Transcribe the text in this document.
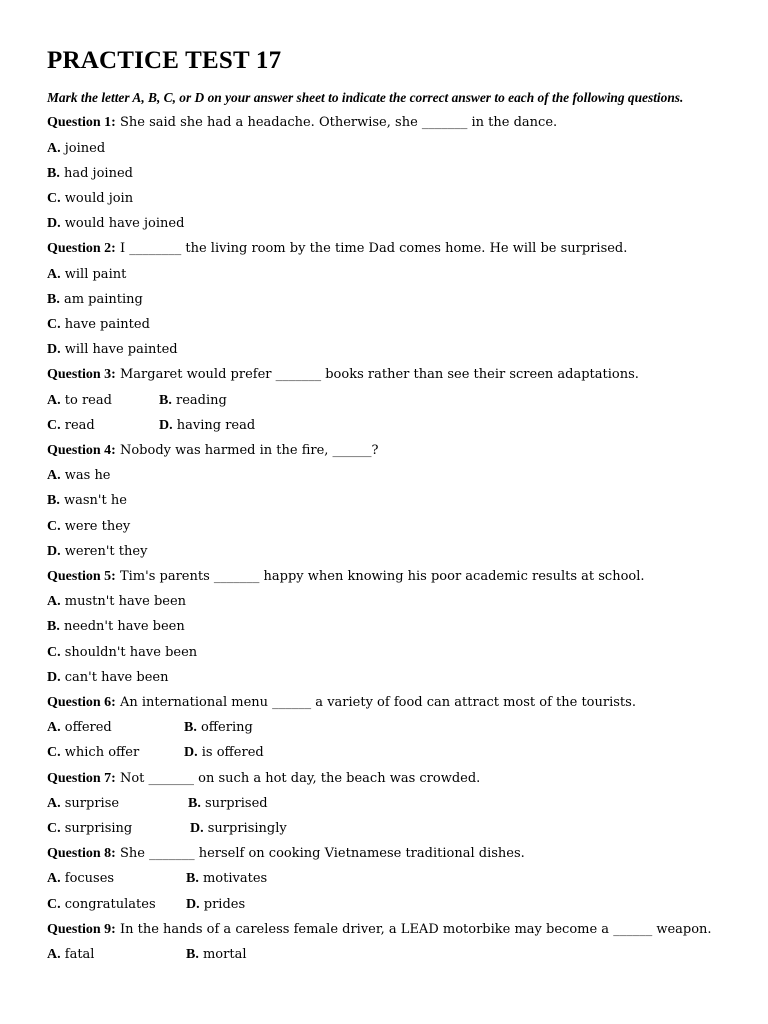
PRACTICE TEST 17
Mark the letter A, B, C, or D on your answer sheet to indicate the correct answer to each of the following questions.
Question 1: She said she had a headache. Otherwise, she _______ in the dance.
A. joined
B. had joined
C. would join
D. would have joined
Question 2: I ________ the living room by the time Dad comes home. He will be surprised.
A. will paint
B. am painting
C. have painted
D. will have painted
Question 3: Margaret would prefer _______ books rather than see their screen adaptations.
A. to read	B. reading
C. read	D. having read
Question 4: Nobody was harmed in the fire, ______?
A. was he
B. wasn't he
C. were they
D. weren't they
Question 5: Tim's parents _______ happy when knowing his poor academic results at school.
A. mustn't have been
B. needn't have been
C. shouldn't have been
D. can't have been
Question 6: An international menu ______ a variety of food can attract most of the tourists.
A. offered	B. offering
C. which offer	D. is offered
Question 7: Not _______ on such a hot day, the beach was crowded.
A. surprise	B. surprised
C. surprising	D. surprisingly
Question 8: She _______ herself on cooking Vietnamese traditional dishes.
A. focuses	B. motivates
C. congratulates	D. prides
Question 9: In the hands of a careless female driver, a LEAD motorbike may become a ______ weapon.
A. fatal	B. mortal
